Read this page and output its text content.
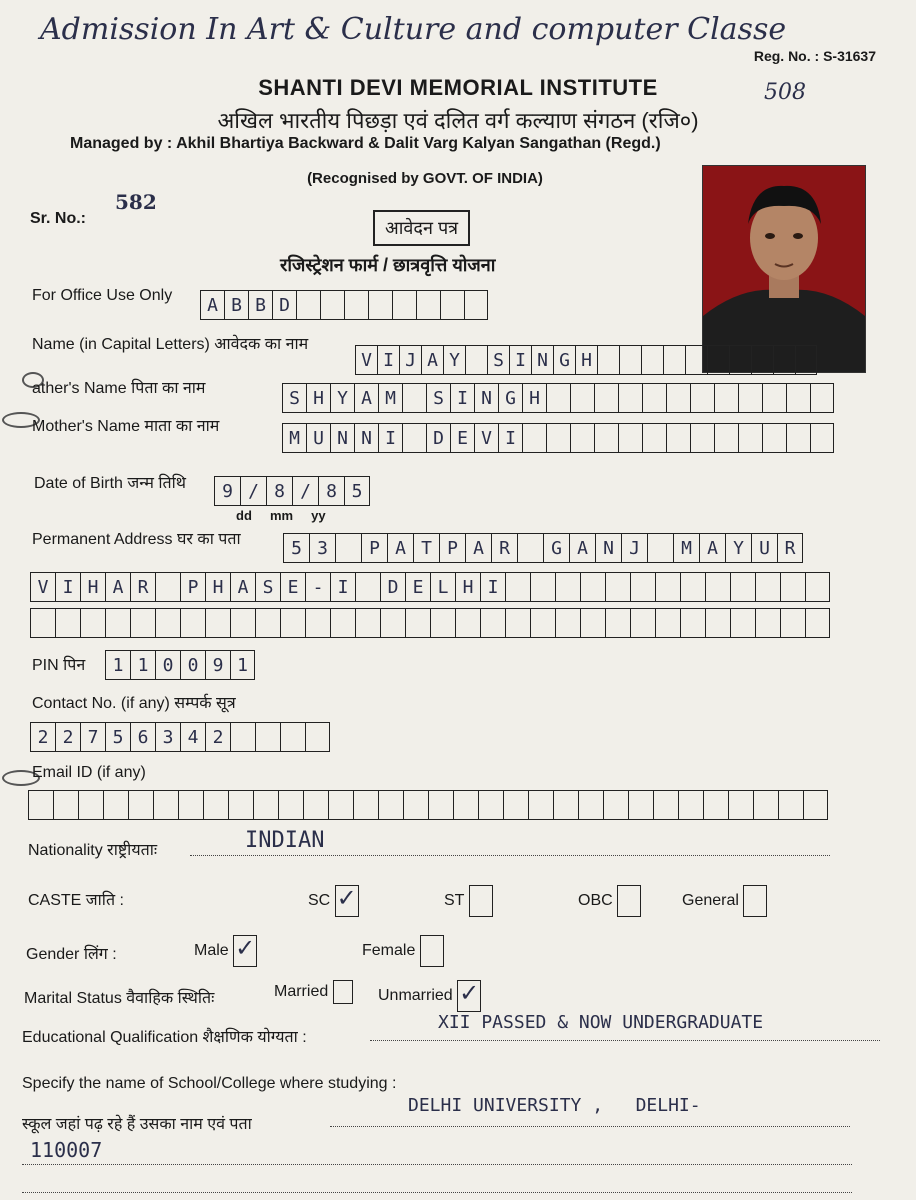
Admission In Art & Culture and computer Classe
Reg. No. : S-31637
508
SHANTI DEVI MEMORIAL INSTITUTE
अखिल भारतीय पिछड़ा एवं दलित वर्ग कल्याण संगठन (रजि०)
Managed by : Akhil Bhartiya Backward & Dalit Varg Kalyan Sangathan (Regd.)
(Recognised by GOVT. OF INDIA)
Sr. No.:
582
आवेदन पत्र
रजिस्ट्रेशन फार्म / छात्रवृत्ति योजना
For Office Use Only	A B B D
Name (in Capital Letters) आवेदक का नाम
V I J A Y	S I N G H
ather's Name पिता का नाम	S H Y A M	S I N G H
Mother's Name माता का नाम
M U N N I	D E V I
Date of Birth जन्म तिथि	9 / 8 / 8 5
dd     mm     yy
Permanent Address घर का पता	5 3	P A T P A R	G A N J	M A Y U R
V I H A R	P H A S E - I	D E L H I
PIN पिन	1 1 0 0 9 1
Contact No. (if any) सम्पर्क सूत्र
2 2 7 5 6 3 4 2
Email ID (if any)
Nationality राष्ट्रीयताः	INDIAN
CASTE जाति :	SC ✓	ST	OBC	General
Gender लिंग :	Male ✓	Female
Marital Status वैवाहिक स्थितिः	Married	Unmarried ✓
Educational Qualification शैक्षणिक योग्यता :
XII PASSED & NOW UNDERGRADUATE
Specify the name of School/College where studying :
स्कूल जहां पढ़ रहे हैं उसका नाम एवं पता
DELHI UNIVERSITY ,   DELHI-
110007
